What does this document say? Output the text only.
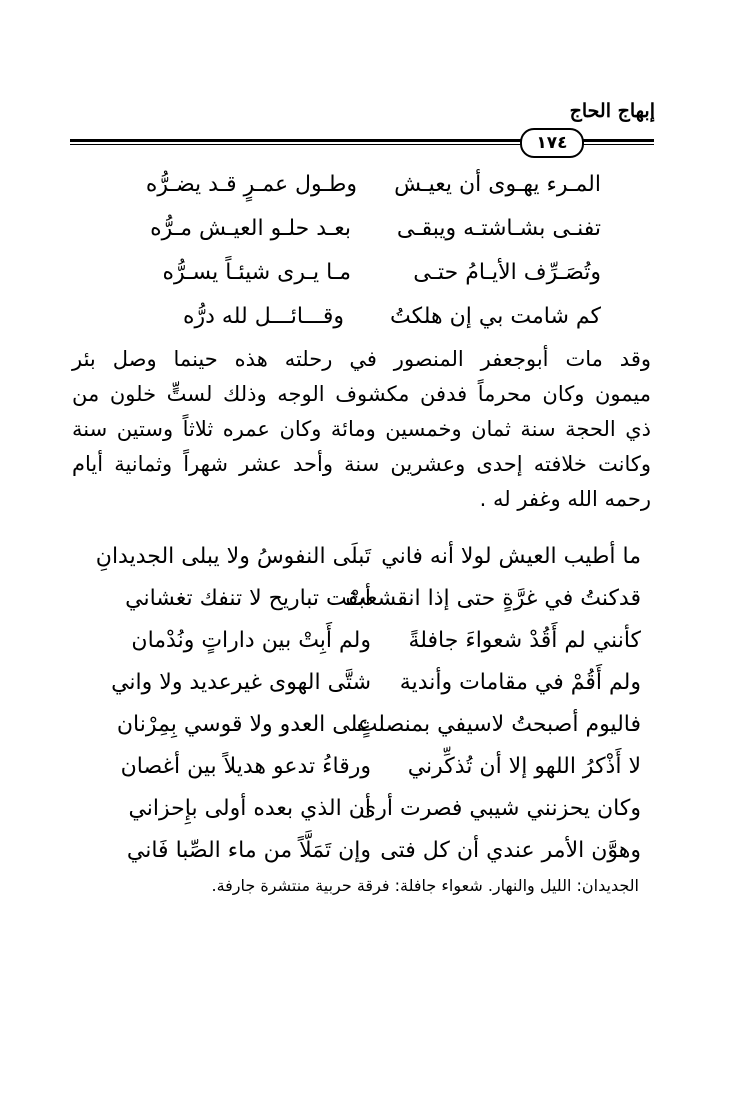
إبهاج الحاج
١٧٤
المـرء يهـوى أن يعيـش
وطـول عمـرٍ قـد يضـرُّه
تفنـى بشـاشتـه ويبقـى
بعـد حلـو العيـش مـرُّه
وتُصَـرِّف الأيـامُ حتـى
مـا يـرى شيئـاً يسـرُّه
كم شامت بي إن هلكتُ
وقـــائـــل لله درُّه
وقد مات أبوجعفر المنصور في رحلته هذه حينما وصل بئر
ميمون وكان محرماً فدفن مكشوف الوجه وذلك لستٍّ خلون من
ذي الحجة سنة ثمان وخمسين ومائة وكان عمره ثلاثاً وستين سنة
وكانت خلافته إحدى وعشرين سنة وأحد عشر شهراً وثمانية أيام
رحمه الله وغفر له .
ما أطيب العيش لولا أنه فاني
تَبلَى النفوسُ ولا يبلى الجديدانِ
قدكنتُ في غرَّةٍ حتى إذا انقشعتْ
أبقت تباريح لا تنفك تغشاني
كأنني لم أَقُدْ شعواءَ جافلةً
ولم أَبِتْ بين داراتٍ ونُدْمان
ولم أَقُمْ في مقامات وأندية
شتَّى الهوى غيرعديد ولا واني
فاليوم أصبحتُ لاسيفي بمنصلتٍ
على العدو ولا قوسي بِمِرْنان
لا أَذْكرُ اللهو إلا أن تُذكِّرني
ورقاءُ تدعو هديلاً بين أغصان
وكان يحزنني شيبي فصرت أرى
أن الذي بعده أولى بإِحزاني
وهوَّن الأمر عندي أن كل فتى
وإن تَمَلَّاً من ماء الصِّبا فَاني
الجديدان: الليل والنهار. شعواء جافلة: فرقة حربية منتشرة جارفة.
